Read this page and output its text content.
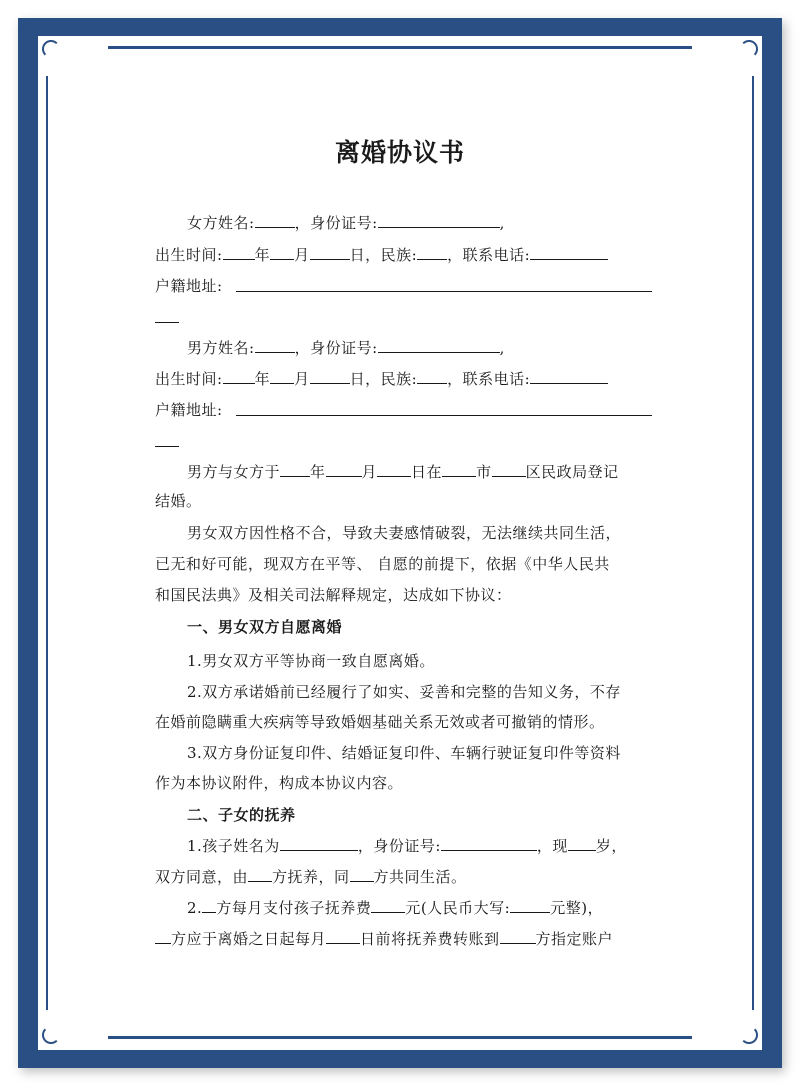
离婚协议书
女方姓名:	，身份证号:	,
出生时间: 年 月	日，民族: ，联系电话:
户籍地址:
男方姓名:	，身份证号:	,
出生时间: 年 月	日，民族: ，联系电话:
户籍地址:
男方与女方于 年 月 日在 市 区民政局登记
结婚。
男女双方因性格不合，导致夫妻感情破裂，无法继续共同生活，
已无和好可能，现双方在平等、 自愿的前提下，依据《中华人民共
和国民法典》及相关司法解释规定，达成如下协议：
一、男女双方自愿离婚
1.男女双方平等协商一致自愿离婚。
2.双方承诺婚前已经履行了如实、妥善和完整的告知义务，不存
在婚前隐瞒重大疾病等导致婚姻基础关系无效或者可撤销的情形。
3.双方身份证复印件、结婚证复印件、车辆行驶证复印件等资料
作为本协议附件，构成本协议内容。
二、子女的抚养
1.孩子姓名为	，身份证号:	，现 岁，
双方同意，由 方抚养，同 方共同生活。
2. 方每月支付孩子抚养费 元(人民币大写:	元整)，
方应于离婚之日起每月 日前将抚养费转账到 方指定账户
